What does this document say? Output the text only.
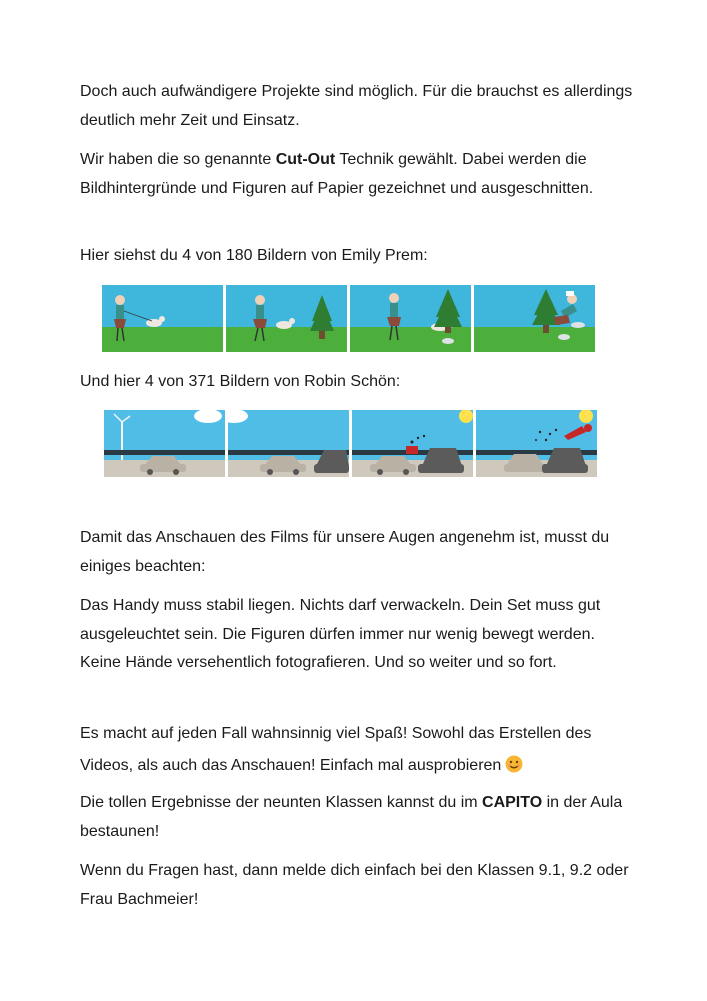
Doch auch aufwändigere Projekte sind möglich. Für die brauchst es allerdings deutlich mehr Zeit und Einsatz.

Wir haben die so genannte Cut-Out Technik gewählt. Dabei werden die Bildhintergründe und Figuren auf Papier gezeichnet und ausgeschnitten.

Hier siehst du 4 von 180 Bildern von Emily Prem:

Und hier 4 von 371 Bildern von Robin Schön:

Damit das Anschauen des Films für unsere Augen angenehm ist, musst du einiges beachten:

Das Handy muss stabil liegen. Nichts darf verwackeln. Dein Set muss gut ausgeleuchtet sein. Die Figuren dürfen immer nur wenig bewegt werden. Keine Hände versehentlich fotografieren. Und so weiter und so fort.

Es macht auf jeden Fall wahnsinnig viel Spaß! Sowohl das Erstellen des Videos, als auch das Anschauen! Einfach mal ausprobieren

Die tollen Ergebnisse der neunten Klassen kannst du im CAPITO in der Aula bestaunen!

Wenn du Fragen hast, dann melde dich einfach bei den Klassen 9.1, 9.2 oder Frau Bachmeier!
